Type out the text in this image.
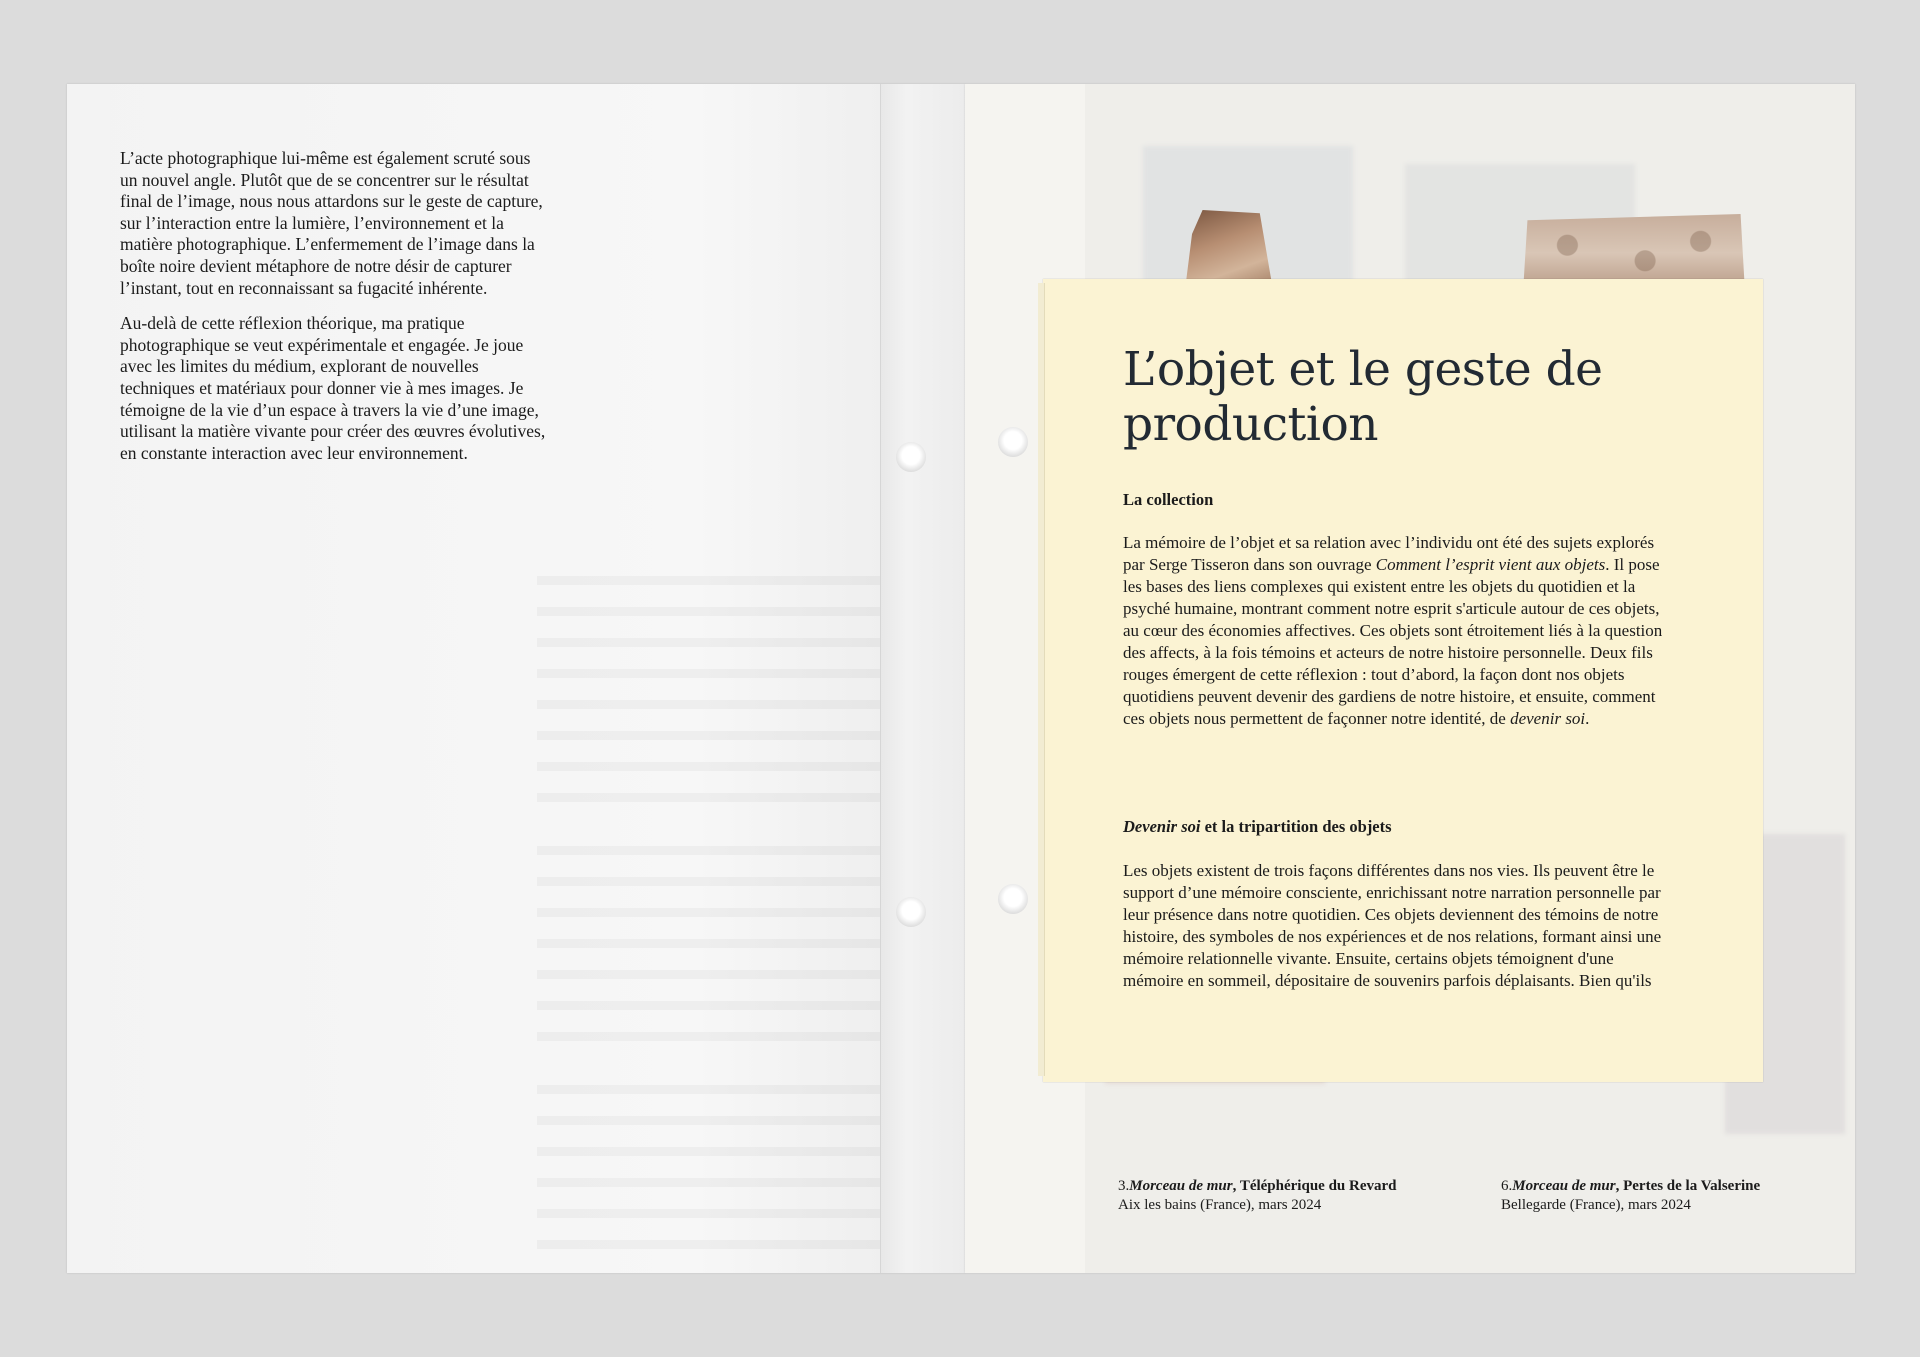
L’acte photographique lui-même est également scruté sous un nouvel angle. Plutôt que de se concentrer sur le résultat final de l’image, nous nous attardons sur le geste de capture, sur l’interaction entre la lumière, l’environnement et la matière photographique. L’enfermement de l’image dans la boîte noire devient métaphore de notre désir de capturer l’instant, tout en reconnaissant sa fugacité inhérente.

Au-delà de cette réflexion théorique, ma pratique photographique se veut expérimentale et engagée. Je joue avec les limites du médium, explorant de nouvelles techniques et matériaux pour donner vie à mes images. Je témoigne de la vie d’un espace à travers la vie d’une image, utilisant la matière vivante pour créer des œuvres évolutives, en constante interaction avec leur environnement.

L’objet et le geste de production
La collection
La mémoire de l’objet et sa relation avec l’individu ont été des sujets explorés par Serge Tisseron dans son ouvrage Comment l’esprit vient aux objets. Il pose les bases des liens complexes qui existent entre les objets du quotidien et la psyché humaine, montrant comment notre esprit s'articule autour de ces objets, au cœur des économies affectives. Ces objets sont étroitement liés à la question des affects, à la fois témoins et acteurs de notre histoire personnelle. Deux fils rouges émergent de cette réflexion : tout d’abord, la façon dont nos objets quotidiens peuvent devenir des gardiens de notre histoire, et ensuite, comment ces objets nous permettent de façonner notre identité, de devenir soi.
Devenir soi et la tripartition des objets
Les objets existent de trois façons différentes dans nos vies. Ils peuvent être le support d’une mémoire consciente, enrichissant notre narration personnelle par leur présence dans notre quotidien. Ces objets deviennent des témoins de notre histoire, des symboles de nos expériences et de nos relations, formant ainsi une mémoire relationnelle vivante. Ensuite, certains objets témoignent d'une mémoire en sommeil, dépositaire de souvenirs parfois déplaisants. Bien qu'ils
3.Morceau de mur, Téléphérique du Revard
Aix les bains (France), mars 2024
6.Morceau de mur, Pertes de la Valserine
Bellegarde (France), mars 2024
